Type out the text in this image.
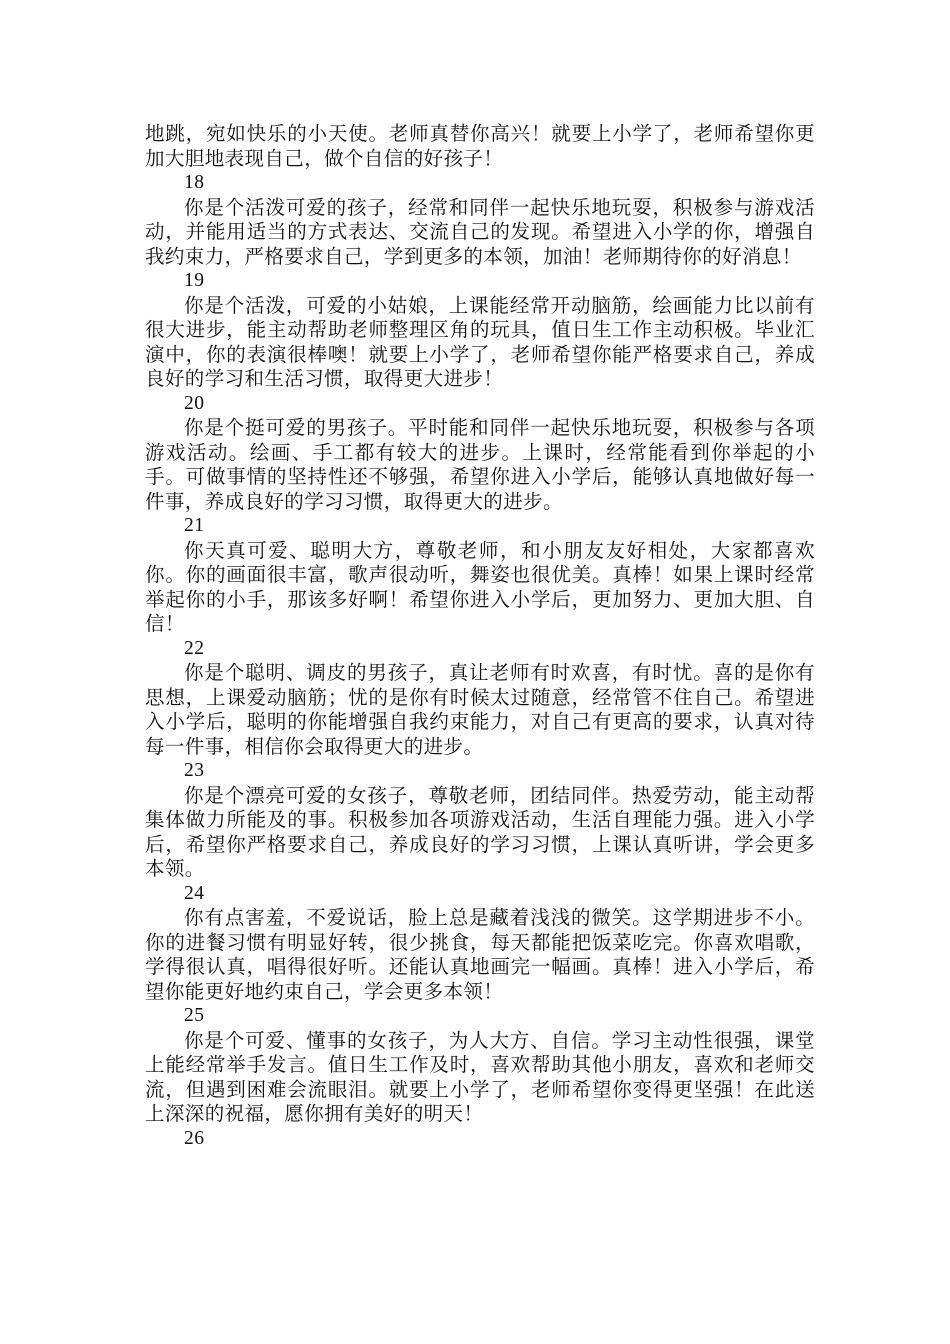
地跳，宛如快乐的小天使。老师真替你高兴！就要上小学了，老师希望你更加大胆地表现自己，做个自信的好孩子！

18

你是个活泼可爱的孩子，经常和同伴一起快乐地玩耍，积极参与游戏活动，并能用适当的方式表达、交流自己的发现。希望进入小学的你，增强自我约束力，严格要求自己，学到更多的本领，加油！老师期待你的好消息！

19

你是个活泼，可爱的小姑娘，上课能经常开动脑筋，绘画能力比以前有很大进步，能主动帮助老师整理区角的玩具，值日生工作主动积极。毕业汇演中，你的表演很棒噢！就要上小学了，老师希望你能严格要求自己，养成良好的学习和生活习惯，取得更大进步！

20

你是个挺可爱的男孩子。平时能和同伴一起快乐地玩耍，积极参与各项游戏活动。绘画、手工都有较大的进步。上课时，经常能看到你举起的小手。可做事情的坚持性还不够强，希望你进入小学后，能够认真地做好每一件事，养成良好的学习习惯，取得更大的进步。

21

你天真可爱、聪明大方，尊敬老师，和小朋友友好相处，大家都喜欢你。你的画面很丰富，歌声很动听，舞姿也很优美。真棒！如果上课时经常举起你的小手，那该多好啊！希望你进入小学后，更加努力、更加大胆、自信！

22

你是个聪明、调皮的男孩子，真让老师有时欢喜，有时忧。喜的是你有思想，上课爱动脑筋；忧的是你有时候太过随意，经常管不住自己。希望进入小学后，聪明的你能增强自我约束能力，对自己有更高的要求，认真对待每一件事，相信你会取得更大的进步。

23

你是个漂亮可爱的女孩子，尊敬老师，团结同伴。热爱劳动，能主动帮集体做力所能及的事。积极参加各项游戏活动，生活自理能力强。进入小学后，希望你严格要求自己，养成良好的学习习惯，上课认真听讲，学会更多本领。

24

你有点害羞，不爱说话，脸上总是藏着浅浅的微笑。这学期进步不小。你的进餐习惯有明显好转，很少挑食，每天都能把饭菜吃完。你喜欢唱歌，学得很认真，唱得很好听。还能认真地画完一幅画。真棒！进入小学后，希望你能更好地约束自己，学会更多本领！

25

你是个可爱、懂事的女孩子，为人大方、自信。学习主动性很强，课堂上能经常举手发言。值日生工作及时，喜欢帮助其他小朋友，喜欢和老师交流，但遇到困难会流眼泪。就要上小学了，老师希望你变得更坚强！在此送上深深的祝福，愿你拥有美好的明天！

26
